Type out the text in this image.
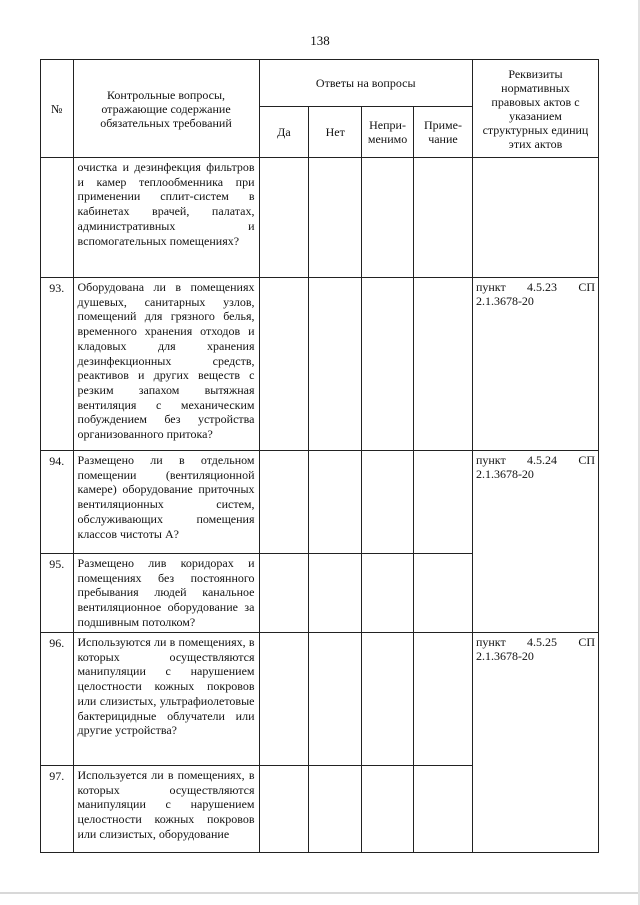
138
№	Контрольные вопросы, отражающие содержание обязательных требований	Ответы на вопросы				Реквизиты нормативных правовых актов с указанием структурных единиц этих актов
		Да	Нет	Непри-менимо	Приме-чание	
	очистка и дезинфекция фильтров и камер теплообменника при применении сплит-систем в кабинетах врачей, палатах, административных и вспомогательных помещениях?					
93.	Оборудована ли в помещениях душевых, санитарных узлов, помещений для грязного белья, временного хранения отходов и кладовых для хранения дезинфекционных средств, реактивов и других веществ с резким запахом вытяжная вентиляция с механическим побуждением без устройства организованного притока?					пункт 4.5.23 СП 2.1.3678-20
94.	Размещено ли в отдельном помещении (вентиляционной камере) оборудование приточных вентиляционных систем, обслуживающих помещения классов чистоты А?					пункт 4.5.24 СП 2.1.3678-20
95.	Размещено лив коридорах и помещениях без постоянного пребывания людей канальное вентиляционное оборудование за подшивным потолком?					
96.	Используются ли в помещениях, в которых осуществляются манипуляции с нарушением целостности кожных покровов или слизистых, ультрафиолетовые бактерицидные облучатели или другие устройства?					пункт 4.5.25 СП 2.1.3678-20
97.	Используется ли в помещениях, в которых осуществляются манипуляции с нарушением целостности кожных покровов или слизистых, оборудование					
